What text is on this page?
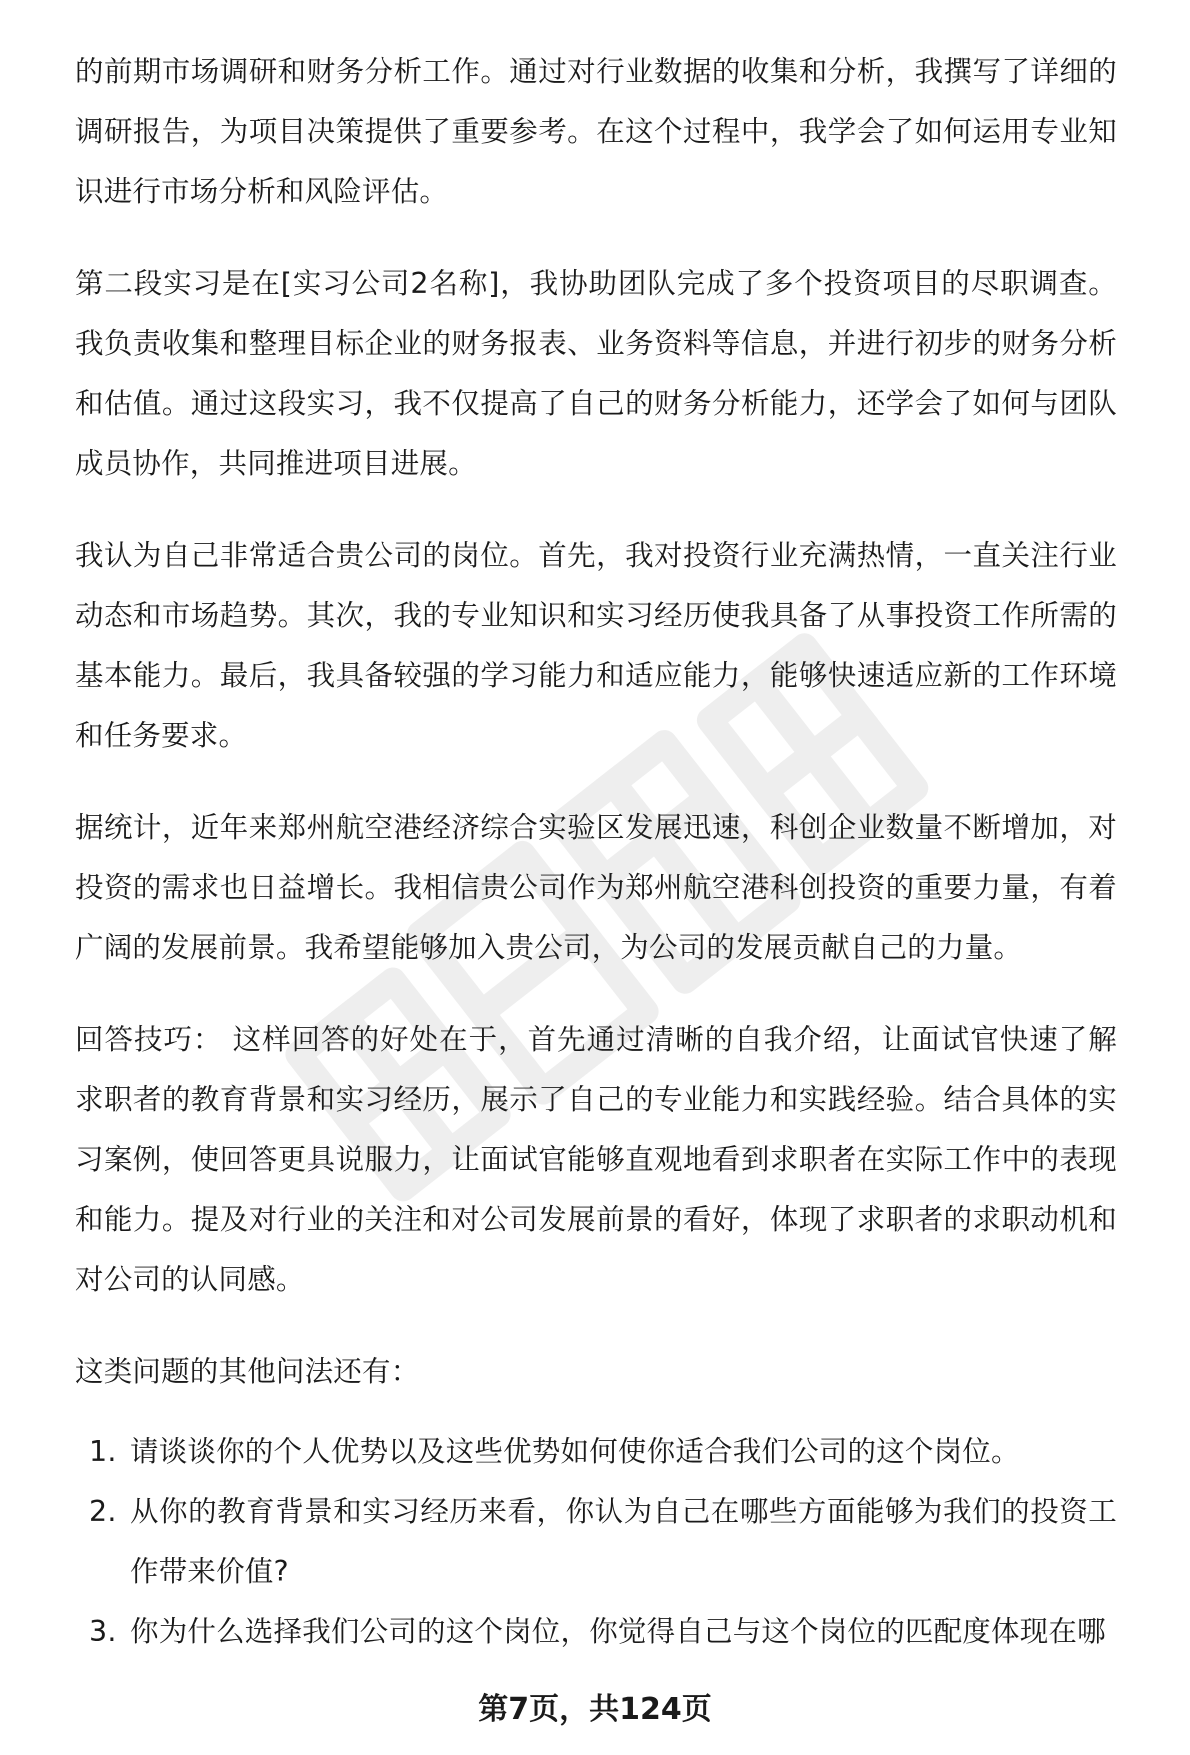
的前期市场调研和财务分析工作。通过对行业数据的收集和分析，我撰写了详细的调研报告，为项目决策提供了重要参考。在这个过程中，我学会了如何运用专业知识进行市场分析和风险评估。

第二段实习是在[实习公司2名称]，我协助团队完成了多个投资项目的尽职调查。我负责收集和整理目标企业的财务报表、业务资料等信息，并进行初步的财务分析和估值。通过这段实习，我不仅提高了自己的财务分析能力，还学会了如何与团队成员协作，共同推进项目进展。

我认为自己非常适合贵公司的岗位。首先，我对投资行业充满热情，一直关注行业动态和市场趋势。其次，我的专业知识和实习经历使我具备了从事投资工作所需的基本能力。最后，我具备较强的学习能力和适应能力，能够快速适应新的工作环境和任务要求。

据统计，近年来郑州航空港经济综合实验区发展迅速，科创企业数量不断增加，对投资的需求也日益增长。我相信贵公司作为郑州航空港科创投资的重要力量，有着广阔的发展前景。我希望能够加入贵公司，为公司的发展贡献自己的力量。

回答技巧： 这样回答的好处在于，首先通过清晰的自我介绍，让面试官快速了解求职者的教育背景和实习经历，展示了自己的专业能力和实践经验。结合具体的实习案例，使回答更具说服力，让面试官能够直观地看到求职者在实际工作中的表现和能力。提及对行业的关注和对公司发展前景的看好，体现了求职者的求职动机和对公司的认同感。

这类问题的其他问法还有：

1. 请谈谈你的个人优势以及这些优势如何使你适合我们公司的这个岗位。
2. 从你的教育背景和实习经历来看，你认为自己在哪些方面能够为我们的投资工作带来价值?
3. 你为什么选择我们公司的这个岗位，你觉得自己与这个岗位的匹配度体现在哪
第7页，共124页
